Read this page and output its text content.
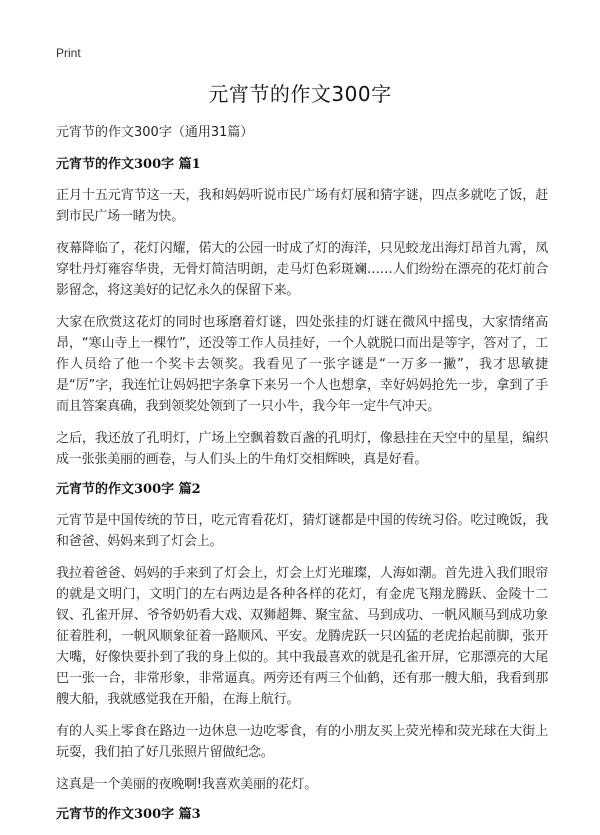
Print
元宵节的作文300字
元宵节的作文300字（通用31篇）
元宵节的作文300字 篇1

正月十五元宵节这一天，我和妈妈听说市民广场有灯展和猜字谜，四点多就吃了饭，赶到市民广场一睹为快。

夜幕降临了，花灯闪耀，偌大的公园一时成了灯的海洋，只见蛟龙出海灯昂首九霄，凤穿牡丹灯雍容华贵，无骨灯简洁明朗，走马灯色彩斑斓……人们纷纷在漂亮的花灯前合影留念，将这美好的记忆永久的保留下来。

大家在欣赏这花灯的同时也琢磨着灯谜，四处张挂的灯谜在微风中摇曳，大家情绪高昂，“寒山寺上一棵竹”，还没等工作人员挂好，一个人就脱口而出是等字，答对了，工作人员给了他一个奖卡去领奖。我看见了一张字谜是“一万多一撇”，我才思敏捷是“厉”字，我连忙让妈妈把字条拿下来另一个人也想拿，幸好妈妈抢先一步，拿到了手而且答案真确，我到领奖处领到了一只小牛，我今年一定牛气冲天。

之后，我还放了孔明灯，广场上空飘着数百盏的孔明灯，像悬挂在天空中的星星，编织成一张张美丽的画卷，与人们头上的牛角灯交相辉映，真是好看。

元宵节的作文300字 篇2

元宵节是中国传统的节日，吃元宵看花灯，猜灯谜都是中国的传统习俗。吃过晚饭，我和爸爸、妈妈来到了灯会上。

我拉着爸爸、妈妈的手来到了灯会上，灯会上灯光璀璨，人海如潮。首先进入我们眼帘的就是文明门，文明门的左右两边是各种各样的花灯，有金虎飞翔龙腾跃、金陵十二钗、孔雀开屏、爷爷奶奶看大戏、双狮超舞、聚宝盆、马到成功、一帆风顺马到成功象征着胜利，一帆风顺象征着一路顺风、平安。龙腾虎跃一只凶猛的老虎抬起前脚，张开大嘴，好像快要扑到了我的身上似的。其中我最喜欢的就是孔雀开屏，它那漂亮的大尾巴一张一合，非常形象，非常逼真。两旁还有两三个仙鹤，还有那一艘大船，我看到那艘大船，我就感觉我在开船，在海上航行。

有的人买上零食在路边一边休息一边吃零食，有的小朋友买上荧光棒和荧光球在大街上玩耍，我们拍了好几张照片留做纪念。

这真是一个美丽的夜晚啊!我喜欢美丽的花灯。

元宵节的作文300字 篇3
